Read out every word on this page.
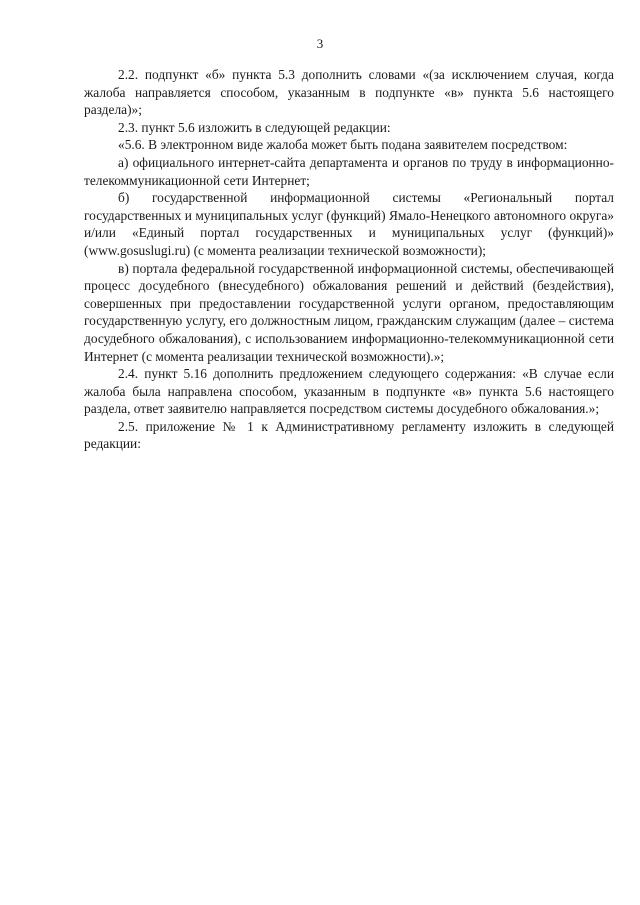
3

2.2. подпункт «б» пункта 5.3 дополнить словами «(за исключением случая, когда жалоба направляется способом, указанным в подпункте «в» пункта 5.6 настоящего раздела)»;

2.3. пункт 5.6 изложить в следующей редакции:

«5.6. В электронном виде жалоба может быть подана заявителем посредством:

а) официального интернет-сайта департамента и органов по труду в информационно-телекоммуникационной сети Интернет;

б) государственной информационной системы «Региональный портал государственных и муниципальных услуг (функций) Ямало-Ненецкого автономного округа» и/или «Единый портал государственных и муниципальных услуг (функций)» (www.gosuslugi.ru) (с момента реализации технической возможности);

в) портала федеральной государственной информационной системы, обеспечивающей процесс досудебного (внесудебного) обжалования решений и действий (бездействия), совершенных при предоставлении государственной услуги органом, предоставляющим государственную услугу, его должностным лицом, гражданским служащим (далее – система досудебного обжалования), с использованием информационно-телекоммуникационной сети Интернет (с момента реализации технической возможности).»;

2.4. пункт 5.16 дополнить предложением следующего содержания: «В случае если жалоба была направлена способом, указанным в подпункте «в» пункта 5.6 настоящего раздела, ответ заявителю направляется посредством системы досудебного обжалования.»;

2.5. приложение № 1 к Административному регламенту изложить в следующей редакции:
